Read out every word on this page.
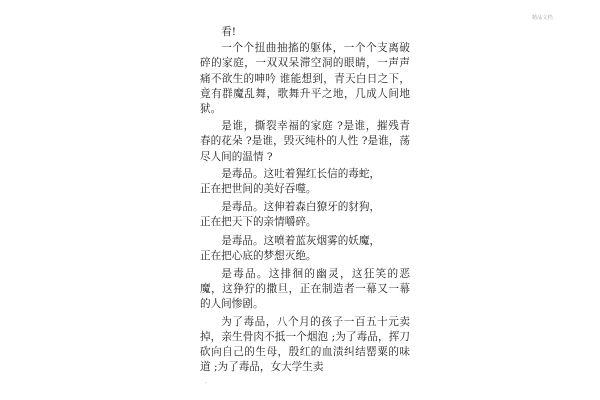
精品文档

看!

一个个扭曲抽搐的躯体，一个个支离破碎的家庭，一双双呆滞空洞的眼睛，一声声痛不欲生的呻吟 谁能想到，青天白日之下，竟有群魔乱舞，歌舞升平之地，几成人间地狱。

是谁，撕裂幸福的家庭 ?是谁，摧残青春的花朵 ?是谁，毁灭纯朴的人性 ?是谁，荡尽人间的温情 ?

是毒品。这吐着猩红长信的毒蛇，
正在把世间的美好吞噬。

是毒品。这伸着森白獠牙的豺狗，
正在把天下的亲情嚼碎。

是毒品。这喷着蓝灰烟雾的妖魔，
正在把心底的梦想灭绝。

是毒品。这排徊的幽灵，这狂笑的恶魔，这狰狞的撒旦，正在制造者一幕又一幕的人间惨剧。

为了毒品，八个月的孩子一百五十元卖掉，亲生骨肉不抵一个烟泡 ;为了毒品，挥刀砍向自己的生母，殷红的血渍纠结罂粟的味道 ;为了毒品，女大学生卖
